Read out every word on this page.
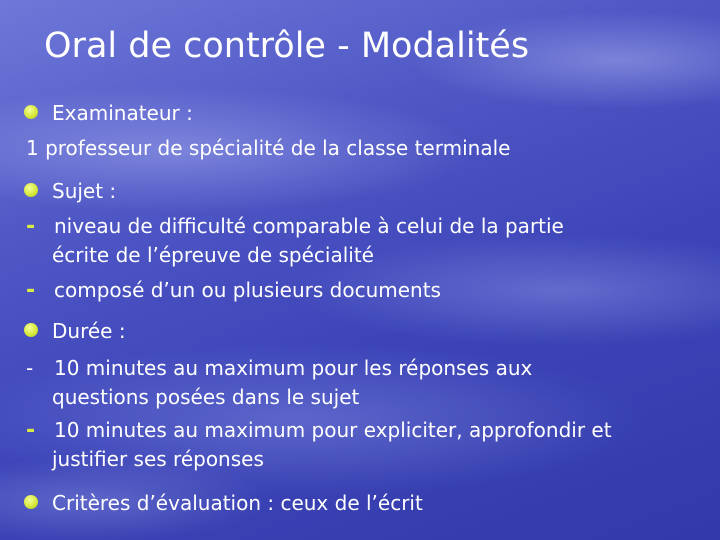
Oral de contrôle - Modalités
Examinateur :
1 professeur de spécialité de la classe terminale
Sujet :
- niveau de difficulté comparable à celui de la partie
écrite de l’épreuve de spécialité
- composé d’un ou plusieurs documents
Durée :
- 10 minutes au maximum pour les réponses aux
questions posées dans le sujet
- 10 minutes au maximum pour expliciter, approfondir et
justifier ses réponses
Critères d’évaluation : ceux de l’écrit
